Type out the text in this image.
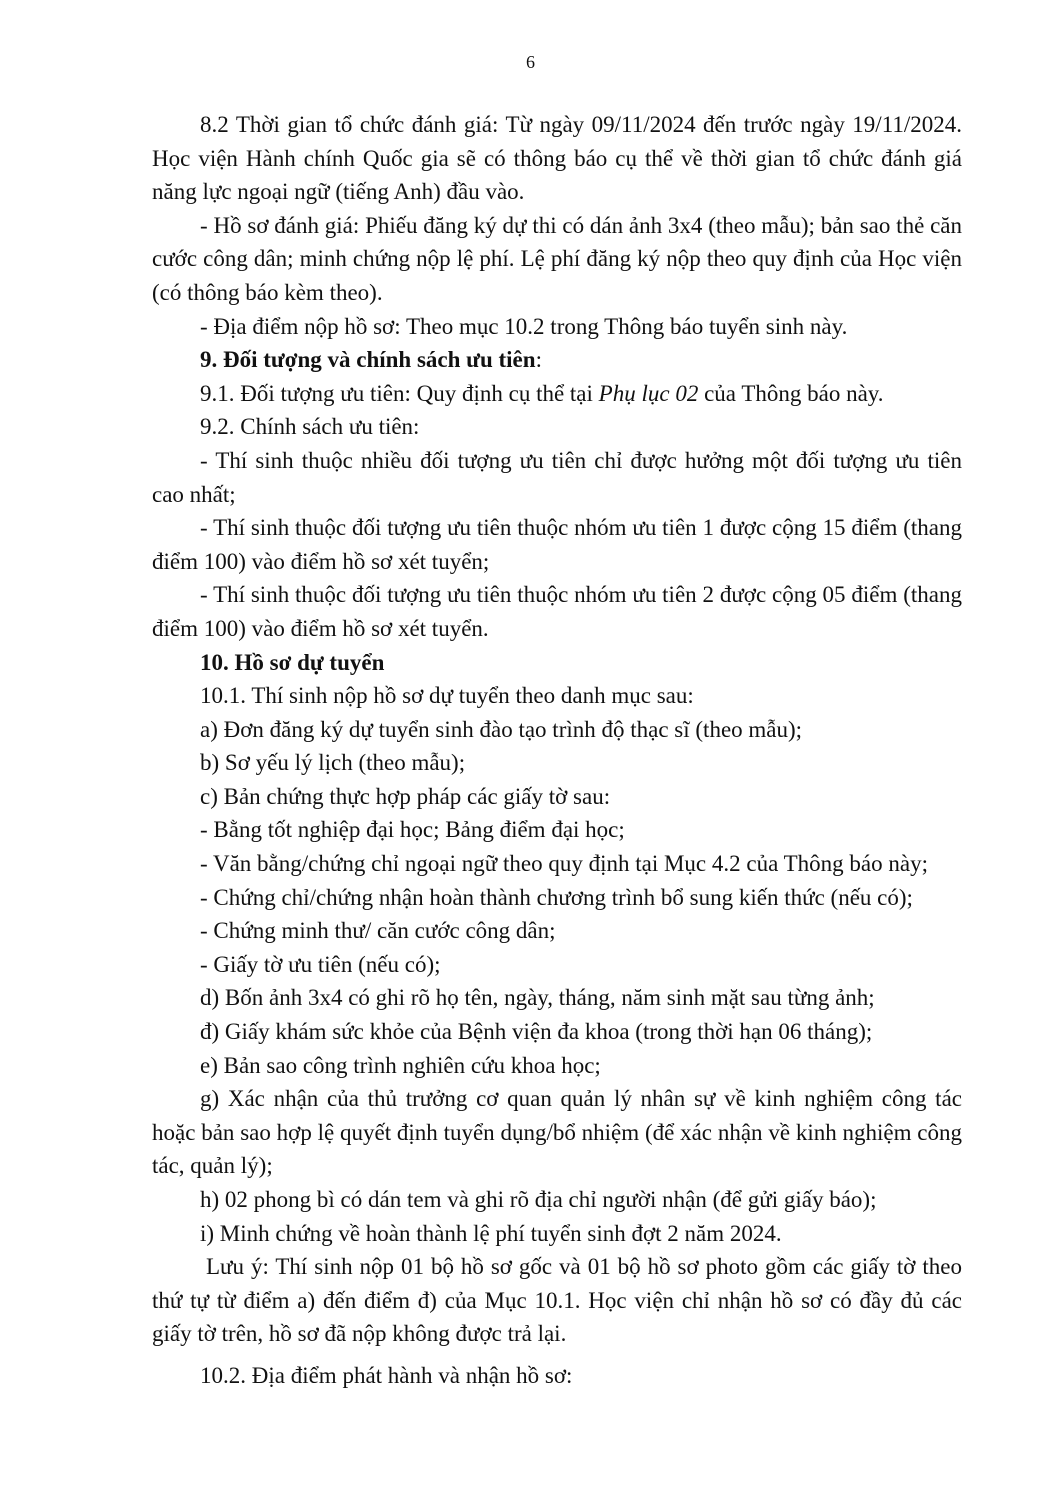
6

8.2 Thời gian tổ chức đánh giá: Từ ngày 09/11/2024 đến trước ngày 19/11/2024. Học viện Hành chính Quốc gia sẽ có thông báo cụ thể về thời gian tổ chức đánh giá năng lực ngoại ngữ (tiếng Anh) đầu vào.

- Hồ sơ đánh giá: Phiếu đăng ký dự thi có dán ảnh 3x4 (theo mẫu); bản sao thẻ căn cước công dân; minh chứng nộp lệ phí. Lệ phí đăng ký nộp theo quy định của Học viện (có thông báo kèm theo).

- Địa điểm nộp hồ sơ: Theo mục 10.2 trong Thông báo tuyển sinh này.

9. Đối tượng và chính sách ưu tiên:

9.1. Đối tượng ưu tiên: Quy định cụ thể tại Phụ lục 02 của Thông báo này.

9.2. Chính sách ưu tiên:

- Thí sinh thuộc nhiều đối tượng ưu tiên chỉ được hưởng một đối tượng ưu tiên cao nhất;

- Thí sinh thuộc đối tượng ưu tiên thuộc nhóm ưu tiên 1 được cộng 15 điểm (thang điểm 100) vào điểm hồ sơ xét tuyển;

- Thí sinh thuộc đối tượng ưu tiên thuộc nhóm ưu tiên 2 được cộng 05 điểm (thang điểm 100) vào điểm hồ sơ xét tuyển.

10. Hồ sơ dự tuyển

10.1. Thí sinh nộp hồ sơ dự tuyển theo danh mục sau:

a) Đơn đăng ký dự tuyển sinh đào tạo trình độ thạc sĩ (theo mẫu);

b) Sơ yếu lý lịch (theo mẫu);

c) Bản chứng thực hợp pháp các giấy tờ sau:

- Bằng tốt nghiệp đại học; Bảng điểm đại học;

- Văn bằng/chứng chỉ ngoại ngữ theo quy định tại Mục 4.2 của Thông báo này;

- Chứng chỉ/chứng nhận hoàn thành chương trình bổ sung kiến thức (nếu có);

- Chứng minh thư/ căn cước công dân;

- Giấy tờ ưu tiên (nếu có);

d) Bốn ảnh 3x4 có ghi rõ họ tên, ngày, tháng, năm sinh mặt sau từng ảnh;

đ) Giấy khám sức khỏe của Bệnh viện đa khoa (trong thời hạn 06 tháng);

e) Bản sao công trình nghiên cứu khoa học;

g) Xác nhận của thủ trưởng cơ quan quản lý nhân sự về kinh nghiệm công tác hoặc bản sao hợp lệ quyết định tuyển dụng/bổ nhiệm (để xác nhận về kinh nghiệm công tác, quản lý);

h) 02 phong bì có dán tem và ghi rõ địa chỉ người nhận (để gửi giấy báo);

i) Minh chứng về hoàn thành lệ phí tuyển sinh đợt 2 năm 2024.

Lưu ý: Thí sinh nộp 01 bộ hồ sơ gốc và 01 bộ hồ sơ photo gồm các giấy tờ theo thứ tự từ điểm a) đến điểm đ) của Mục 10.1. Học viện chỉ nhận hồ sơ có đầy đủ các giấy tờ trên, hồ sơ đã nộp không được trả lại.

10.2. Địa điểm phát hành và nhận hồ sơ:
